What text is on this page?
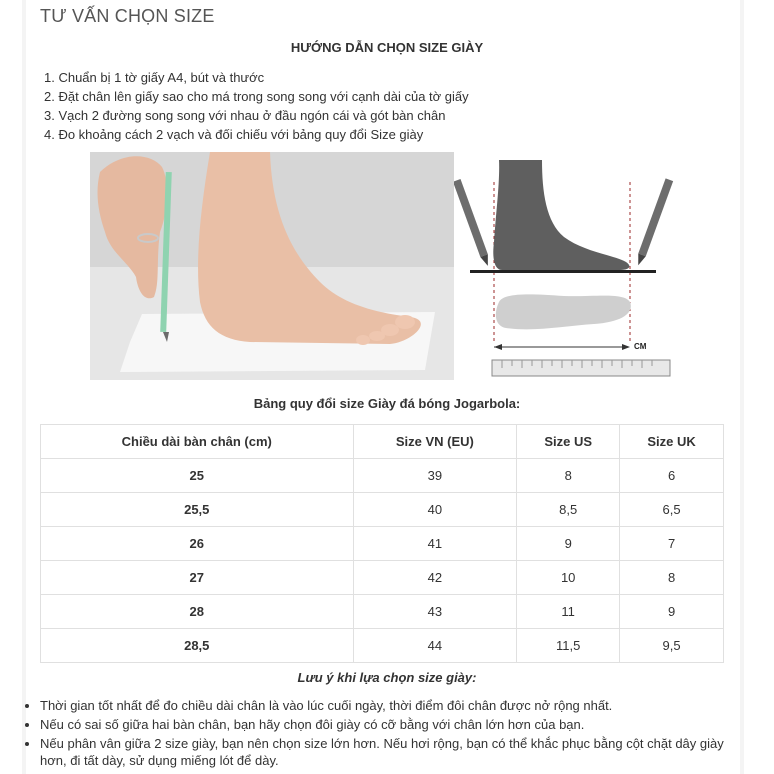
TƯ VẤN CHỌN SIZE
HƯỚNG DẪN CHỌN SIZE GIÀY
1. Chuẩn bị 1 tờ giấy A4, bút và thước
2. Đặt chân lên giấy sao cho má trong song song với cạnh dài của tờ giấy
3. Vạch 2 đường song song với nhau ở đầu ngón cái và gót bàn chân
4. Đo khoảng cách 2 vạch và đối chiếu với bảng quy đổi Size giày
CM
Bảng quy đổi size Giày đá bóng Jogarbola:
Chiều dài bàn chân (cm)	Size VN (EU)	Size US	Size UK
25	39	8	6
25,5	40	8,5	6,5
26	41	9	7
27	42	10	8
28	43	11	9
28,5	44	11,5	9,5
Lưu ý khi lựa chọn size giày:
• Thời gian tốt nhất để đo chiều dài chân là vào lúc cuối ngày, thời điểm đôi chân được nở rộng nhất.
• Nếu có sai số giữa hai bàn chân, bạn hãy chọn đôi giày có cỡ bằng với chân lớn hơn của bạn.
• Nếu phân vân giữa 2 size giày, bạn nên chọn size lớn hơn. Nếu hơi rộng, bạn có thể khắc phục bằng cột chặt dây giày hơn, đi tất dày, sử dụng miếng lót để dày.
